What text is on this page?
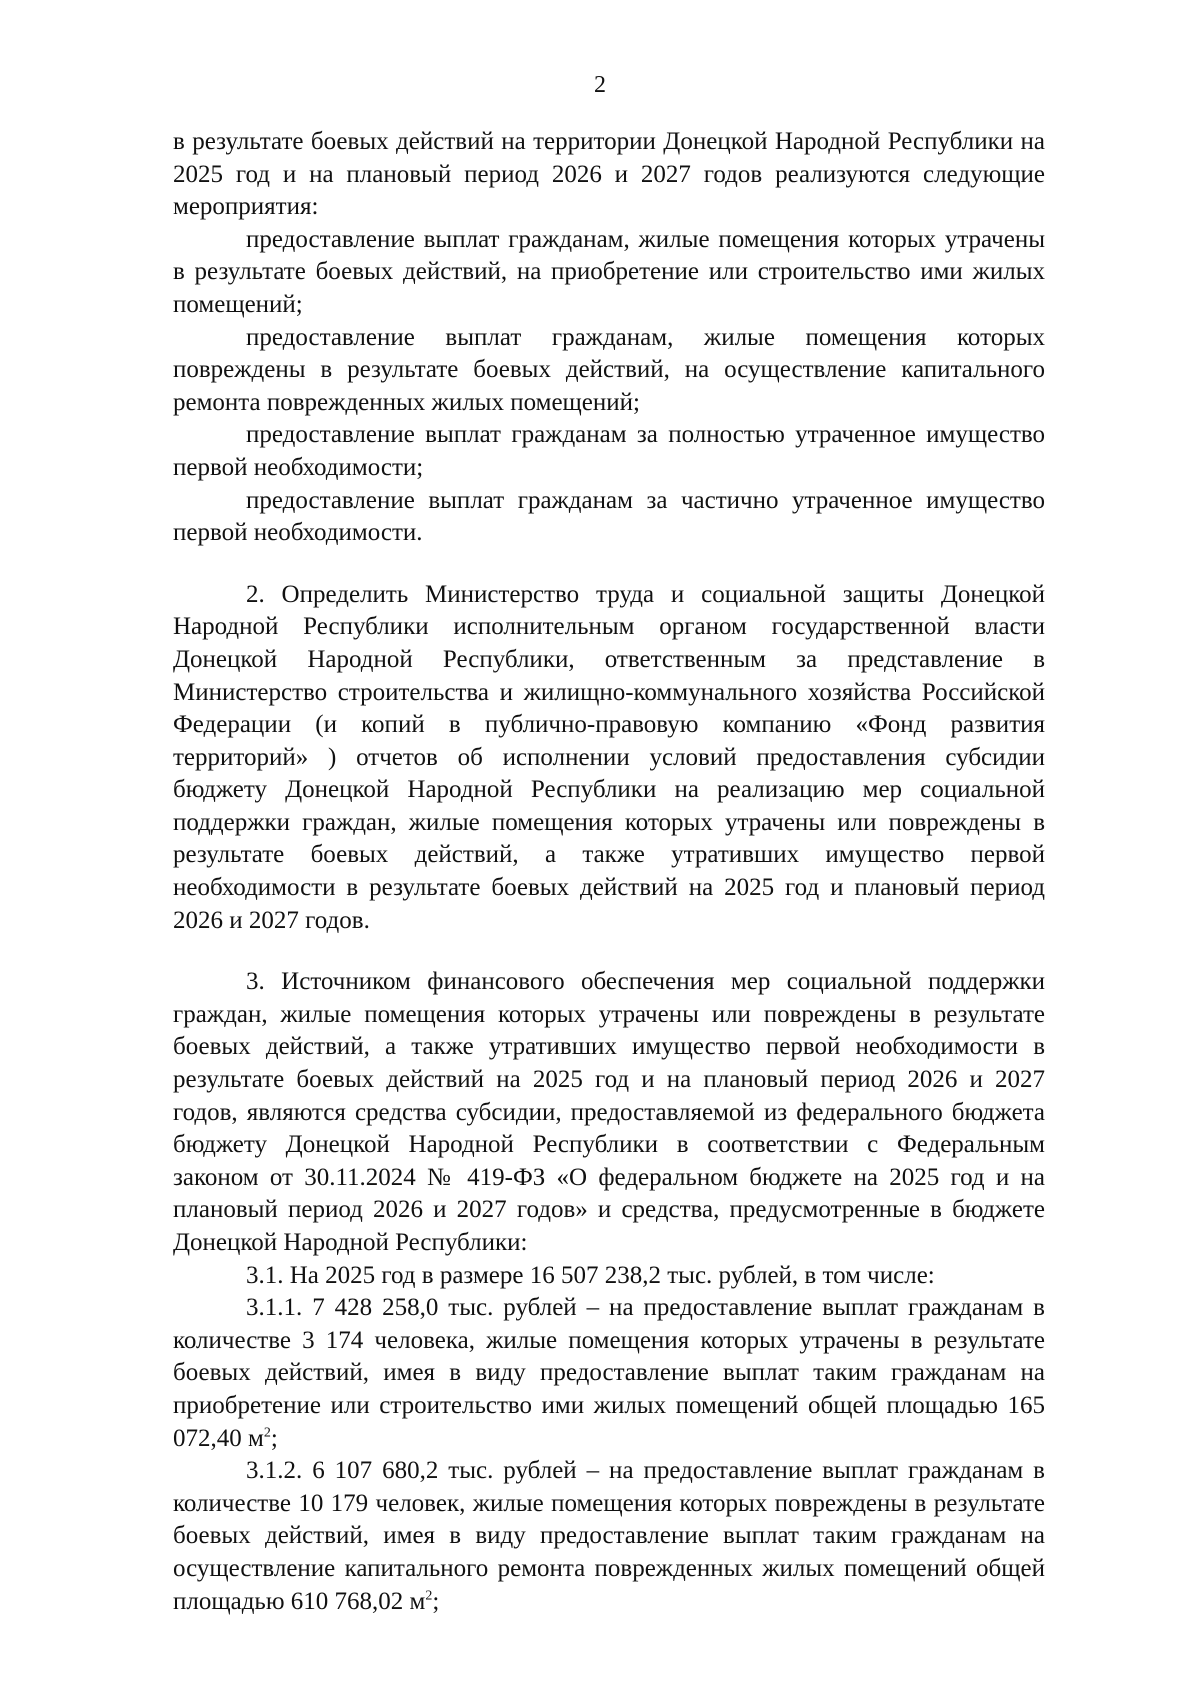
2

в результате боевых действий на территории Донецкой Народной Республики на 2025 год и на плановый период 2026 и 2027 годов реализуются следующие мероприятия:

предоставление выплат гражданам, жилые помещения которых утрачены в результате боевых действий, на приобретение или строительство ими жилых помещений;

предоставление выплат гражданам, жилые помещения которых повреждены в результате боевых действий, на осуществление капитального ремонта поврежденных жилых помещений;

предоставление выплат гражданам за полностью утраченное имущество первой необходимости;

предоставление выплат гражданам за частично утраченное имущество первой необходимости.

2. Определить Министерство труда и социальной защиты Донецкой Народной Республики исполнительным органом государственной власти Донецкой Народной Республики, ответственным за представление в Министерство строительства и жилищно-коммунального хозяйства Российской Федерации (и копий в публично-правовую компанию «Фонд развития территорий» ) отчетов об исполнении условий предоставления субсидии бюджету Донецкой Народной Республики на реализацию мер социальной поддержки граждан, жилые помещения которых утрачены или повреждены в результате боевых действий, а также утративших имущество первой необходимости в результате боевых действий на 2025 год и плановый период 2026 и 2027 годов.

3. Источником финансового обеспечения мер социальной поддержки граждан, жилые помещения которых утрачены или повреждены в результате боевых действий, а также утративших имущество первой необходимости в результате боевых действий на 2025 год и на плановый период 2026 и 2027 годов, являются средства субсидии, предоставляемой из федерального бюджета бюджету Донецкой Народной Республики в соответствии с Федеральным законом от 30.11.2024 № 419-ФЗ «О федеральном бюджете на 2025 год и на плановый период 2026 и 2027 годов» и средства, предусмотренные в бюджете Донецкой Народной Республики:

3.1. На 2025 год в размере 16 507 238,2 тыс. рублей, в том числе:

3.1.1. 7 428 258,0 тыс. рублей – на предоставление выплат гражданам в количестве 3 174 человека, жилые помещения которых утрачены в результате боевых действий, имея в виду предоставление выплат таким гражданам на приобретение или строительство ими жилых помещений общей площадью 165 072,40 $м^2$;

3.1.2. 6 107 680,2 тыс. рублей – на предоставление выплат гражданам в количестве 10 179 человек, жилые помещения которых повреждены в результате боевых действий, имея в виду предоставление выплат таким гражданам на осуществление капитального ремонта поврежденных жилых помещений общей площадью 610 768,02 $м^2$;
